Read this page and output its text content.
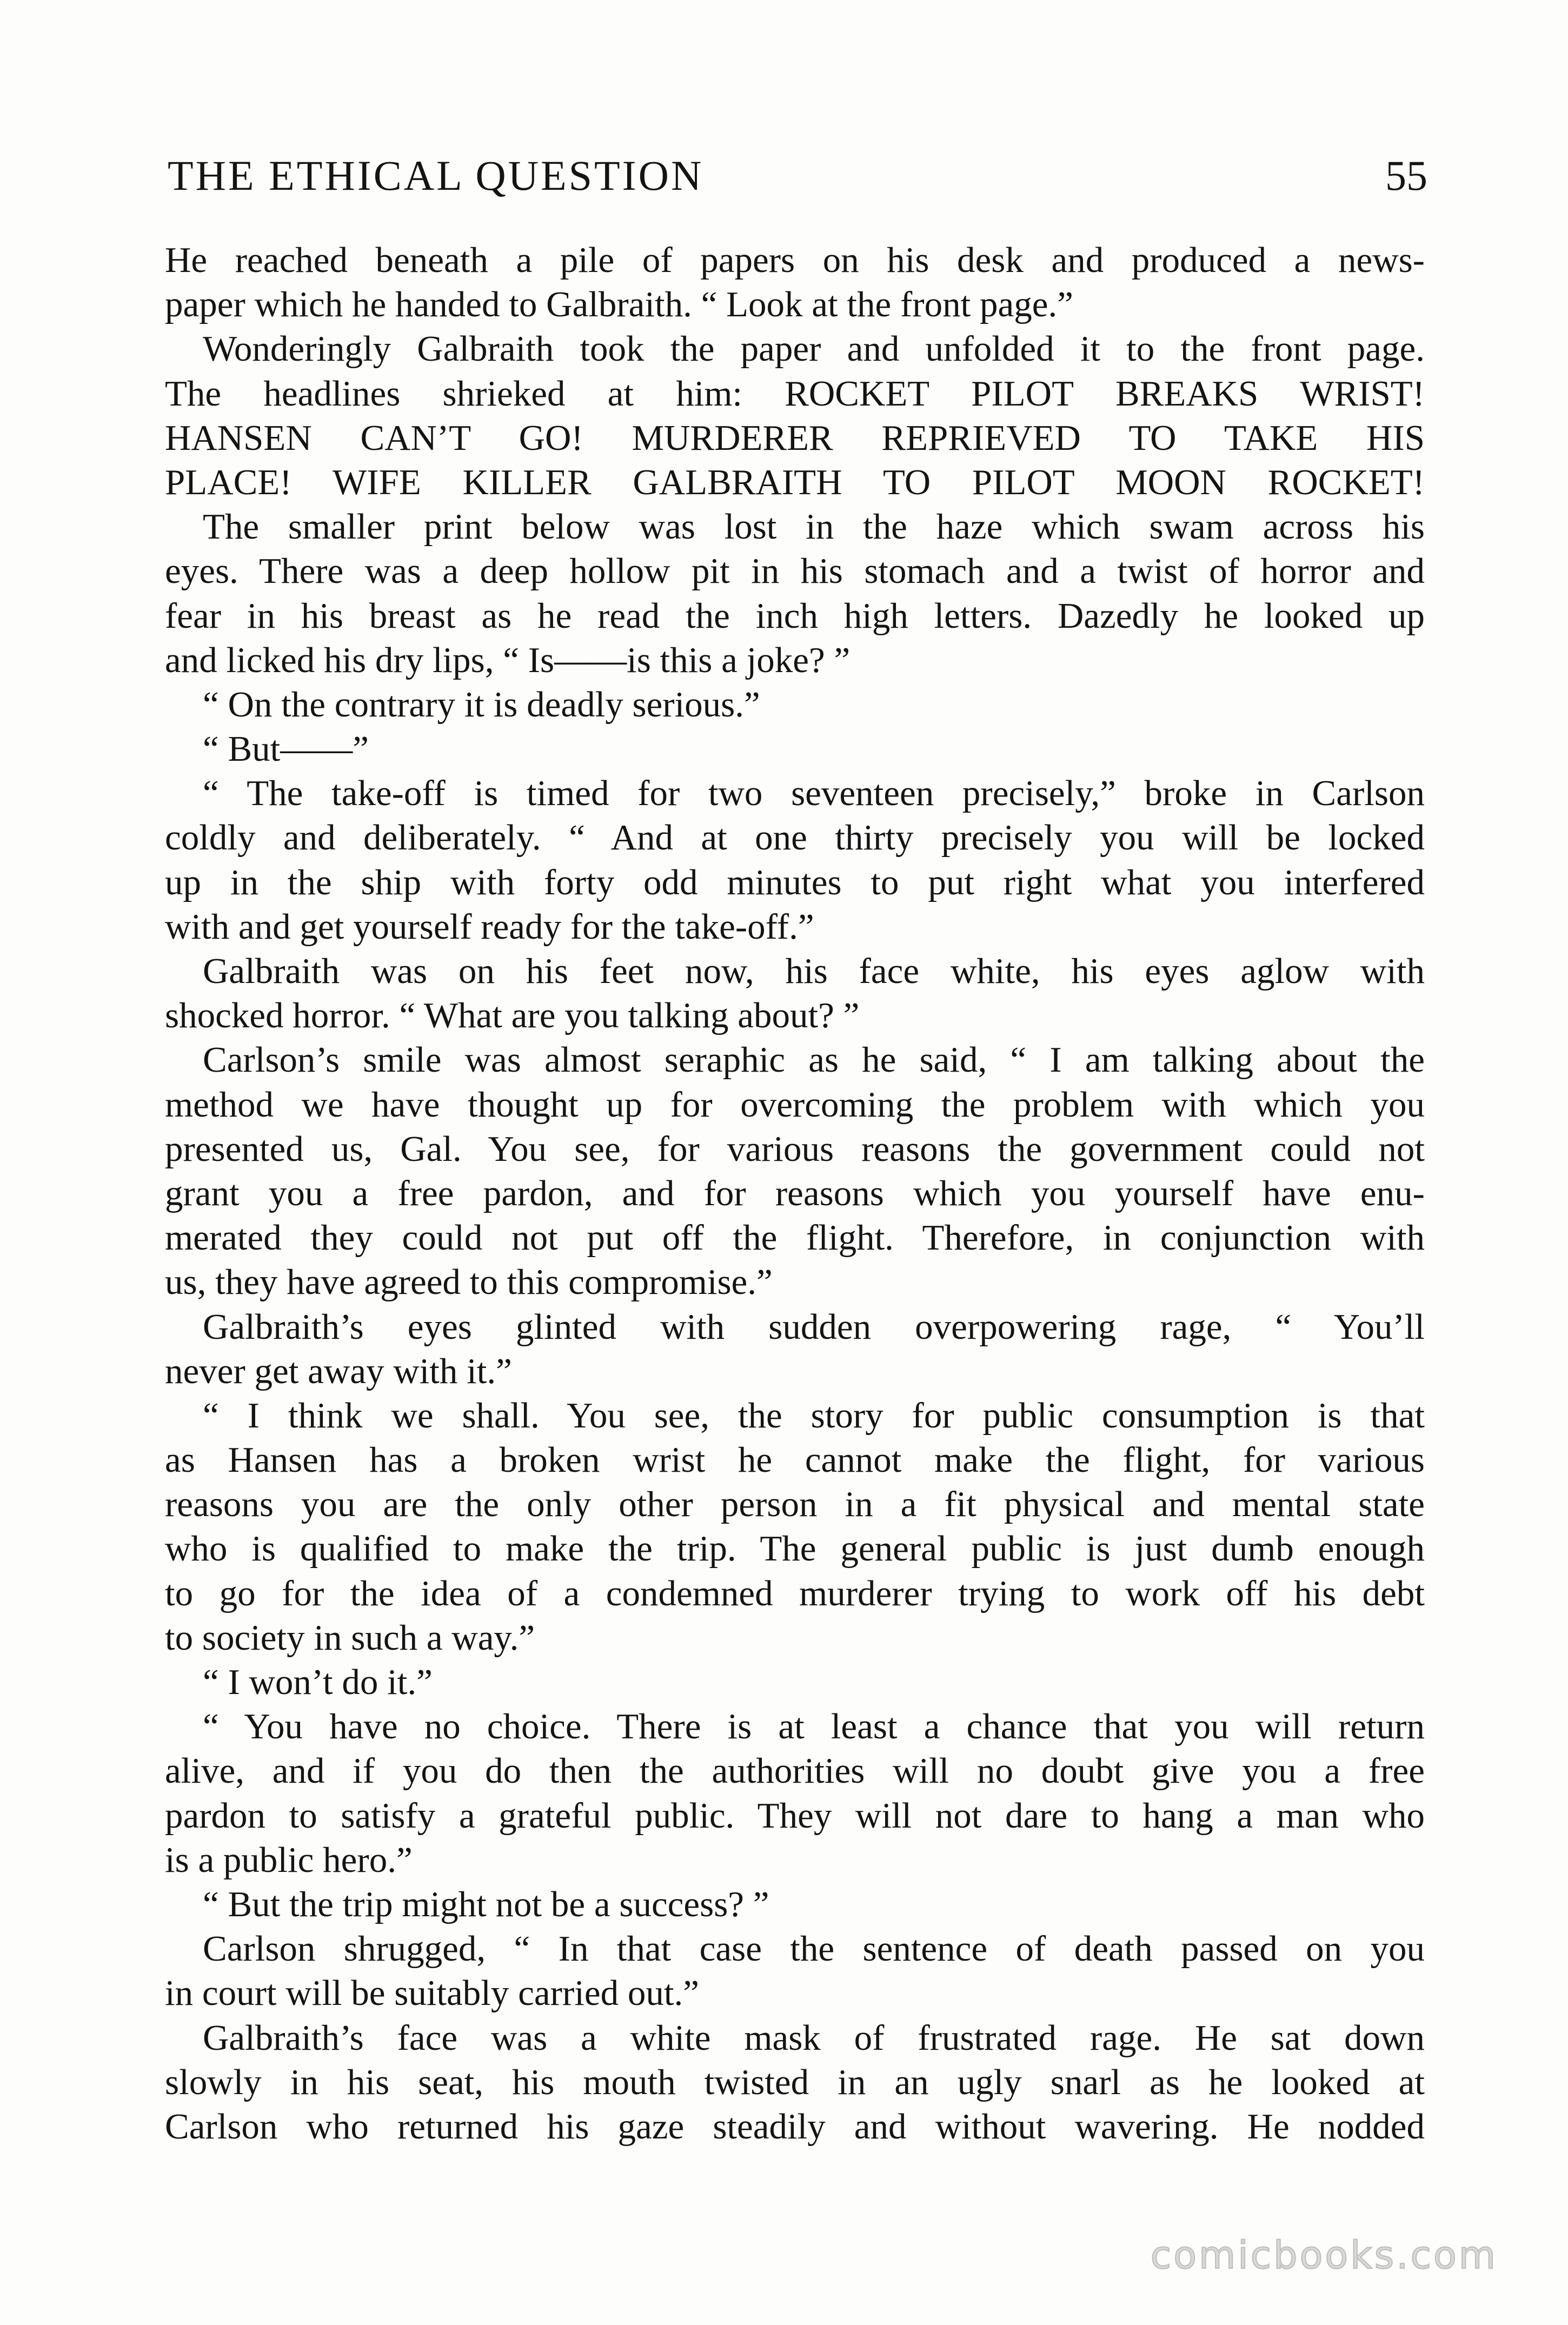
THE ETHICAL QUESTION	55
He reached beneath a pile of papers on his desk and produced a news-
paper which he handed to Galbraith. “ Look at the front page.”
Wonderingly Galbraith took the paper and unfolded it to the front page.
The headlines shrieked at him: ROCKET PILOT BREAKS WRIST!
HANSEN CAN’T GO! MURDERER REPRIEVED TO TAKE HIS
PLACE! WIFE KILLER GALBRAITH TO PILOT MOON ROCKET!
The smaller print below was lost in the haze which swam across his
eyes. There was a deep hollow pit in his stomach and a twist of horror and
fear in his breast as he read the inch high letters. Dazedly he looked up
and licked his dry lips, “ Is——is this a joke? ”
“ On the contrary it is deadly serious.”
“ But——”
“ The take-off is timed for two seventeen precisely,” broke in Carlson
coldly and deliberately. “ And at one thirty precisely you will be locked
up in the ship with forty odd minutes to put right what you interfered
with and get yourself ready for the take-off.”
Galbraith was on his feet now, his face white, his eyes aglow with
shocked horror. “ What are you talking about? ”
Carlson’s smile was almost seraphic as he said, “ I am talking about the
method we have thought up for overcoming the problem with which you
presented us, Gal. You see, for various reasons the government could not
grant you a free pardon, and for reasons which you yourself have enu-
merated they could not put off the flight. Therefore, in conjunction with
us, they have agreed to this compromise.”
Galbraith’s eyes glinted with sudden overpowering rage, “ You’ll
never get away with it.”
“ I think we shall. You see, the story for public consumption is that
as Hansen has a broken wrist he cannot make the flight, for various
reasons you are the only other person in a fit physical and mental state
who is qualified to make the trip. The general public is just dumb enough
to go for the idea of a condemned murderer trying to work off his debt
to society in such a way.”
“ I won’t do it.”
“ You have no choice. There is at least a chance that you will return
alive, and if you do then the authorities will no doubt give you a free
pardon to satisfy a grateful public. They will not dare to hang a man who
is a public hero.”
“ But the trip might not be a success? ”
Carlson shrugged, “ In that case the sentence of death passed on you
in court will be suitably carried out.”
Galbraith’s face was a white mask of frustrated rage. He sat down
slowly in his seat, his mouth twisted in an ugly snarl as he looked at
Carlson who returned his gaze steadily and without wavering. He nodded
comicbooks.com
